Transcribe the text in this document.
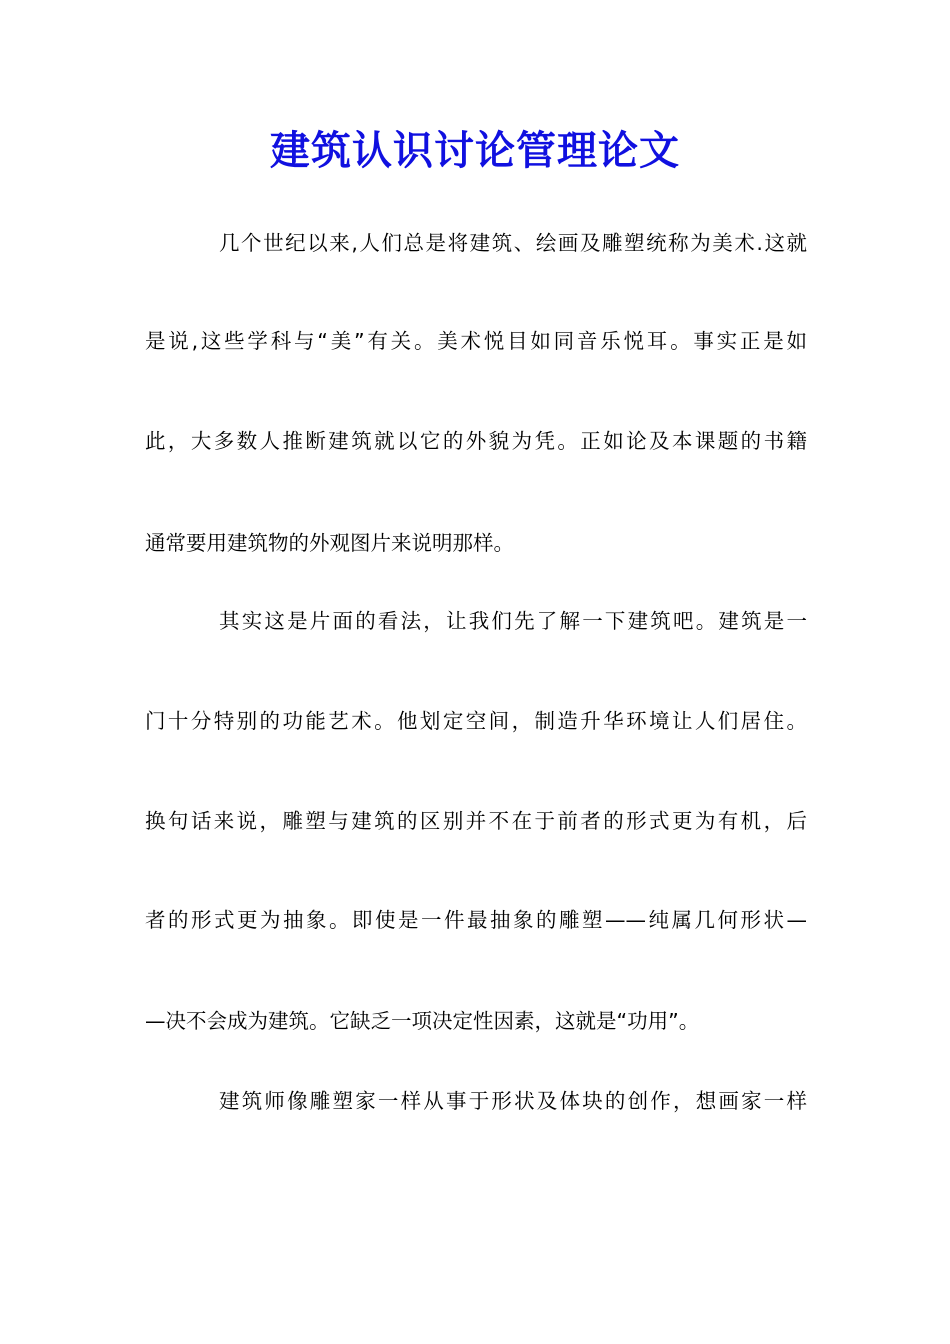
建筑认识讨论管理论文
几个世纪以来,人们总是将建筑、绘画及雕塑统称为美术.这就
是说,这些学科与“美”有关。美术悦目如同音乐悦耳。事实正是如
此，大多数人推断建筑就以它的外貌为凭。正如论及本课题的书籍
通常要用建筑物的外观图片来说明那样。
其实这是片面的看法，让我们先了解一下建筑吧。建筑是一
门十分特别的功能艺术。他划定空间，制造升华环境让人们居住。
换句话来说，雕塑与建筑的区别并不在于前者的形式更为有机，后
者的形式更为抽象。即使是一件最抽象的雕塑——纯属几何形状—
—决不会成为建筑。它缺乏一项决定性因素，这就是“功用”。
建筑师像雕塑家一样从事于形状及体块的创作，想画家一样
